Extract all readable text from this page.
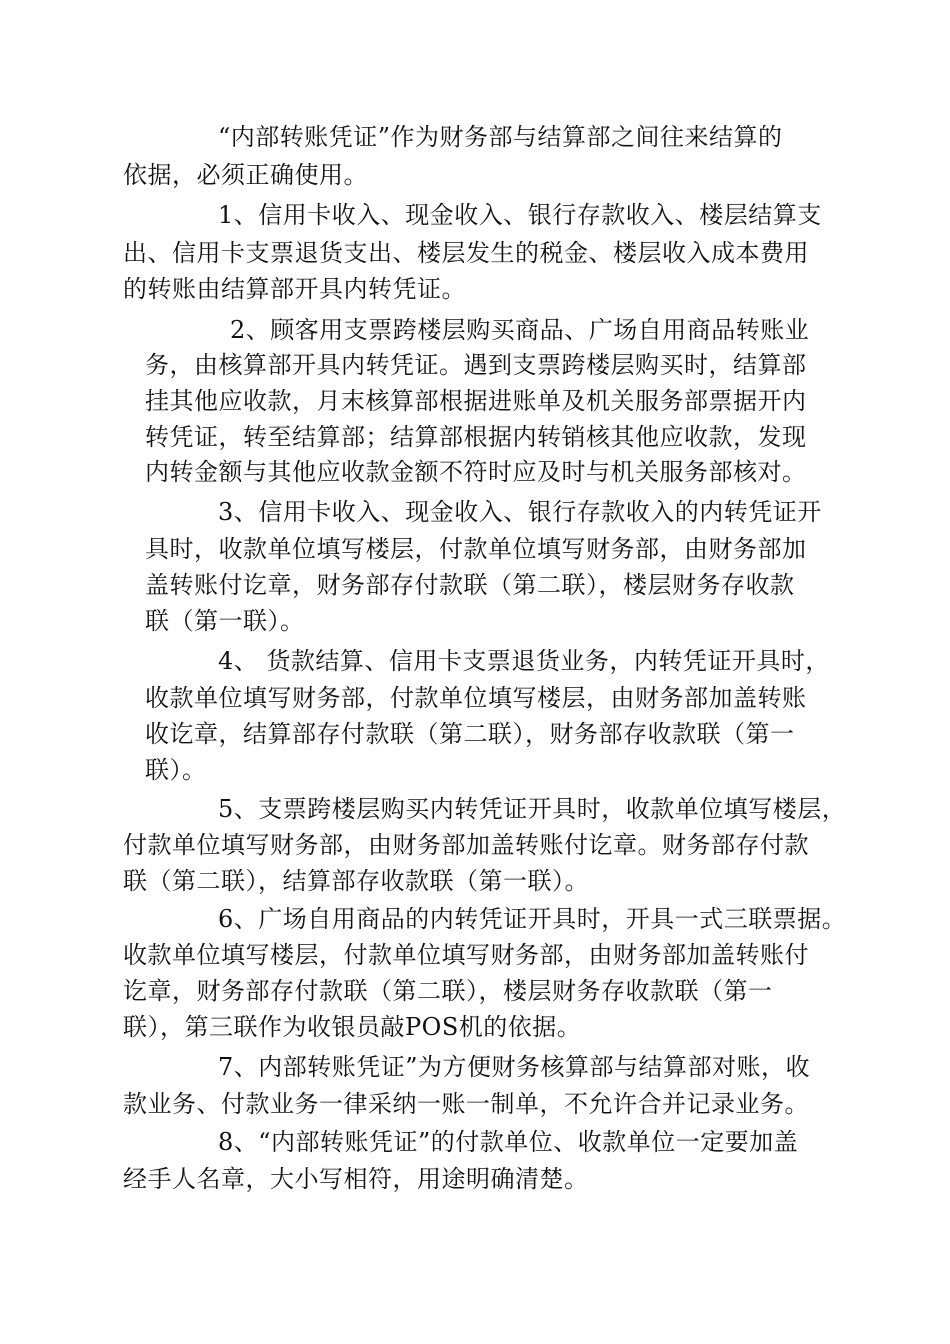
“内部转账凭证”作为财务部与结算部之间往来结算的
依据，必须正确使用。
1、信用卡收入、现金收入、银行存款收入、楼层结算支
出、信用卡支票退货支出、楼层发生的税金、楼层收入成本费用
的转账由结算部开具内转凭证。
2、顾客用支票跨楼层购买商品、广场自用商品转账业
务，由核算部开具内转凭证。遇到支票跨楼层购买时，结算部
挂其他应收款，月末核算部根据进账单及机关服务部票据开内
转凭证，转至结算部；结算部根据内转销核其他应收款，发现
内转金额与其他应收款金额不符时应及时与机关服务部核对。
3、信用卡收入、现金收入、银行存款收入的内转凭证开
具时，收款单位填写楼层，付款单位填写财务部，由财务部加
盖转账付讫章，财务部存付款联（第二联），楼层财务存收款
联（第一联）。
4、 货款结算、信用卡支票退货业务，内转凭证开具时，
收款单位填写财务部，付款单位填写楼层，由财务部加盖转账
收讫章，结算部存付款联（第二联），财务部存收款联（第一
联）。
5、支票跨楼层购买内转凭证开具时，收款单位填写楼层，
付款单位填写财务部，由财务部加盖转账付讫章。财务部存付款
联（第二联），结算部存收款联（第一联）。
6、广场自用商品的内转凭证开具时，开具一式三联票据。
收款单位填写楼层，付款单位填写财务部，由财务部加盖转账付
讫章，财务部存付款联（第二联），楼层财务存收款联（第一
联），第三联作为收银员敲POS机的依据。
7、内部转账凭证”为方便财务核算部与结算部对账，收
款业务、付款业务一律采纳一账一制单，不允许合并记录业务。
8、“内部转账凭证”的付款单位、收款单位一定要加盖
经手人名章，大小写相符，用途明确清楚。
